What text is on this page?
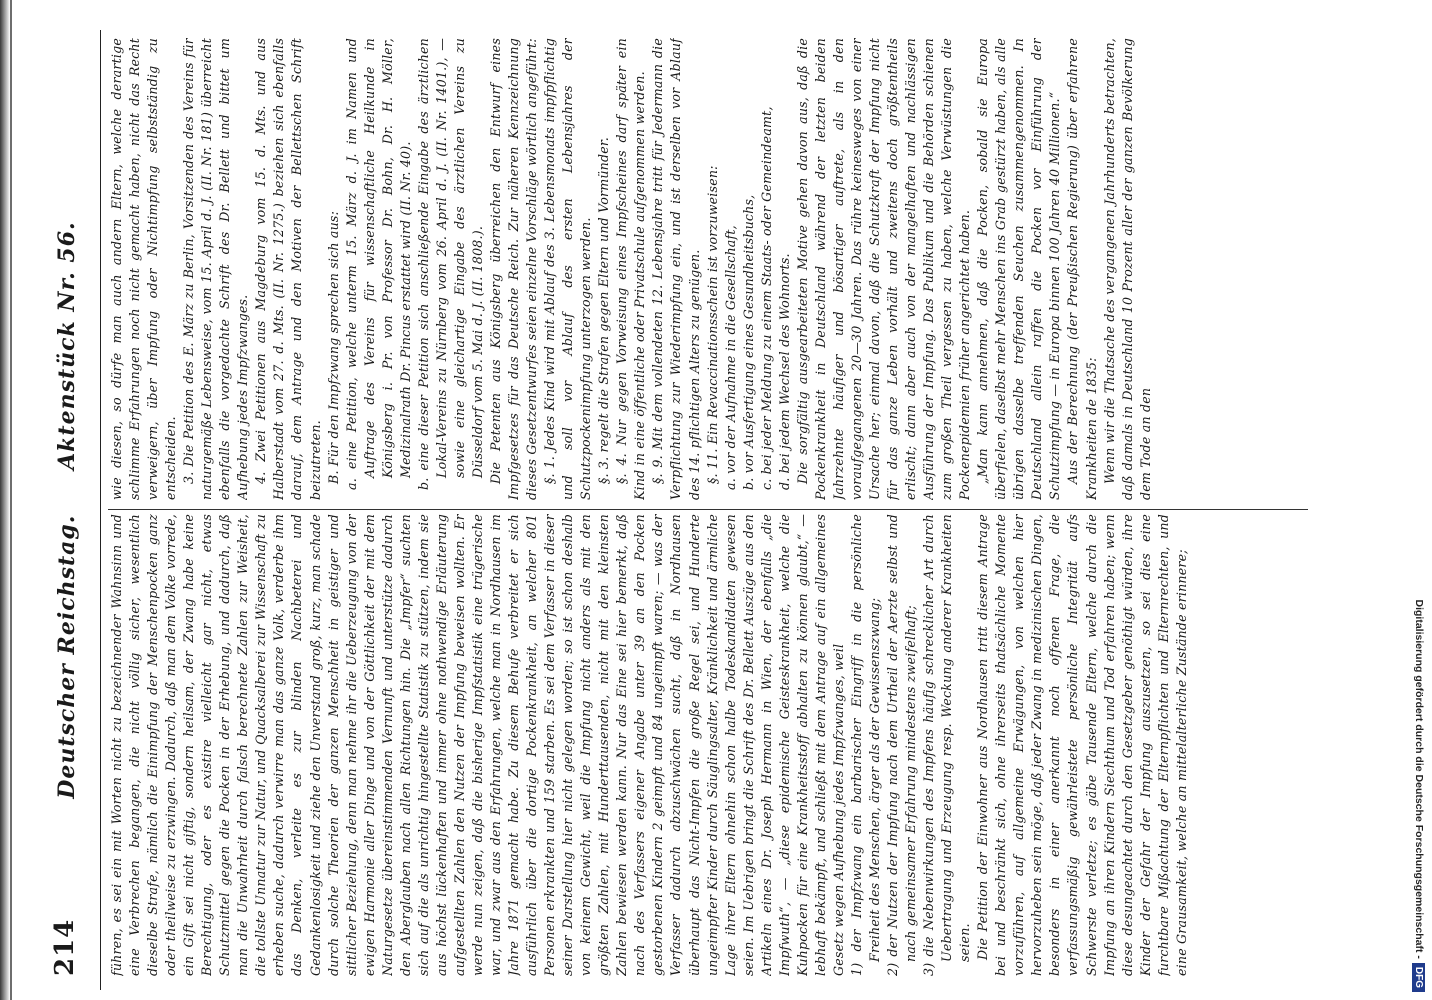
214
Deutscher Reichstag. Aktenstück Nr. 56.

führen, es sei ein mit Worten nicht zu bezeichnender Wahnsinn und eine Verbrechen begangen, die nicht völlig sicher, wesentlich dieselbe Strafe, nämlich die Einimpfung der Menschenpocken ganz oder theilweise zu erzwingen. Dadurch, daß man dem Volke vorrede, ein Gift sei nicht giftig, sondern heilsam, der Zwang habe keine Berechtigung, oder es existire vielleicht gar nicht, etwas Schutzmittel gegen die Pocken in der Erhebung, und dadurch, daß man die Unwahrheit durch falsch berechnete Zahlen zur Weisheit, die tollste Unnatur zur Natur, und Quacksalberei zur Wissenschaft zu erheben suche, dadurch verwirre man das ganze Volk, verderbe ihm das Denken, verleite es zur blinden Nachbeterei und Gedankenlosigkeit und ziehe den Unverstand groß, kurz, man schade durch solche Theorien der ganzen Menschheit in geistiger und sittlicher Beziehung, denn man nehme ihr die Ueberzeugung von der ewigen Harmonie aller Dinge und von der Göttlichkeit der mit dem Naturgesetze übereinstimmenden Vernunft und unterstütze dadurch den Aberglauben nach allen Richtungen hin. Die „Impfer“ suchten sich auf die als unrichtig hingestellte Statistik zu stützen, indem sie aus höchst lückenhaften und immer ohne nothwendige Erläuterung aufgestellten Zahlen den Nutzen der Impfung beweisen wollten. Er werde nun zeigen, daß die bisherige Impfstatistik eine trügerische war, und zwar aus den Erfahrungen, welche man in Nordhausen im Jahre 1871 gemacht habe. Zu diesem Behufe verbreitet er sich ausführlich über die dortige Pockenkrankheit, an welcher 801 Personen erkrankten und 159 starben. Es sei dem Verfasser in dieser seiner Darstellung hier nicht gelegen worden; so ist schon deshalb von keinem Gewicht, weil die Impfung nicht anders als mit den größten Zahlen, mit Hunderttausenden, nicht mit den kleinsten Zahlen bewiesen werden kann. Nur das Eine sei hier bemerkt, daß nach des Verfassers eigener Angabe unter 39 an den Pocken gestorbenen Kindern 2 geimpft und 84 ungeimpft waren; — was der Verfasser dadurch abzuschwächen sucht, daß in Nordhausen überhaupt das Nicht-Impfen die große Regel sei, und Hunderte ungeimpfter Kinder durch Säuglingsalter, Kränklichkeit und ärmliche Lage ihrer Eltern ohnehin schon halbe Todeskandidaten gewesen seien. Im Uebrigen bringt die Schrift des Dr. Bellett Auszüge aus den Artikeln eines Dr. Joseph Hermann in Wien, der ebenfalls „die Impfwuth“, — „diese epidemische Geisteskrankheit, welche die Kuhpocken für eine Krankheitsstoff abhalten zu können glaubt,“ — lebhaft bekämpft, und schließt mit dem Antrage auf ein allgemeines Gesetz wegen Aufhebung jedes Impfzwanges, weil 1) der Impfzwang ein barbarischer Eingriff in die persönliche Freiheit des Menschen, ärger als der Gewissenszwang; 2) der Nutzen der Impfung nach dem Urtheil der Aerzte selbst und nach gemeinsamer Erfahrung mindestens zweifelhaft; 3) die Nebenwirkungen des Impfens häufig schrecklicher Art durch Uebertragung und Erzeugung resp. Weckung anderer Krankheiten seien. Die Petition der Einwohner aus Nordhausen tritt diesem Antrage bei und beschränkt sich, ohne ihrerseits thatsächliche Momente vorzuführen, auf allgemeine Erwägungen, von welchen hier hervorzuheben sein möge, daß jeder Zwang in medizinischen Dingen, besonders in einer anerkannt noch offenen Frage, die verfassungsmäßig gewährleistete persönliche Integrität aufs Schwerste verletze; es gäbe Tausende Eltern, welche durch die Impfung an ihren Kindern Siechthum und Tod erfahren haben; wenn diese desungeachtet durch den Gesetzgeber genöthigt würden, ihre Kinder der Gefahr der Impfung auszusetzen, so sei dies eine furchtbare Mißachtung der Elternpflichten und Elternrechten, und eine Grausamkeit, welche an mittelalterliche Zustände erinnere;

wie diesen, so dürfe man auch andern Eltern, welche derartige schlimme Erfahrungen noch nicht gemacht haben, nicht das Recht verweigern, über Impfung oder Nichtimpfung selbstständig zu entscheiden. 3. Die Petition des E. März zu Berlin, Vorsitzenden des Vereins für naturgemäße Lebensweise, vom 15. April d. J. (II. Nr. 181) überreicht ebenfalls die vorgedachte Schrift des Dr. Bellett und bittet um Aufhebung jedes Impfzwanges. 4. Zwei Petitionen aus Magdeburg vom 15. d. Mts. und aus Halberstadt vom 27. d. Mts. (II. Nr. 1275.) beziehen sich ebenfalls darauf, dem Antrage und den Motiven der Bellettschen Schrift beizutreten. B. Für den Impfzwang sprechen sich aus: a. eine Petition, welche unterm 15. März d. J. im Namen und Auftrage des Vereins für wissenschaftliche Heilkunde in Königsberg i. Pr. von Professor Dr. Bohn, Dr. H. Möller, Medizinalrath Dr. Pincus erstattet wird (II. Nr. 40). b. eine dieser Petition sich anschließende Eingabe des ärztlichen Lokal-Vereins zu Nürnberg vom 26. April d. J. (II. Nr. 1401.), — sowie eine gleichartige Eingabe des ärztlichen Vereins zu Düsseldorf vom 5. Mai d. J. (II. 1808.). Die Petenten aus Königsberg überreichen den Entwurf eines Impfgesetzes für das Deutsche Reich. Zur näheren Kennzeichnung dieses Gesetzentwurfes seien einzelne Vorschläge wörtlich angeführt: §. 1. Jedes Kind wird mit Ablauf des 3. Lebensmonats impfpflichtig und soll vor Ablauf des ersten Lebensjahres der Schutzpockenimpfung unterzogen werden. §. 3. regelt die Strafen gegen Eltern und Vormünder. §. 4. Nur gegen Vorweisung eines Impfscheines darf später ein Kind in eine öffentliche oder Privatschule aufgenommen werden. §. 9. Mit dem vollendeten 12. Lebensjahre tritt für Jedermann die Verpflichtung zur Wiederimpfung ein, und ist derselben vor Ablauf des 14. pflichtigen Alters zu genügen. §. 11. Ein Revaccinationsschein ist vorzuweisen: a. vor der Aufnahme in die Gesellschaft, b. vor Ausfertigung eines Gesundheitsbuchs, c. bei jeder Meldung zu einem Staats- oder Gemeindeamt, d. bei jedem Wechsel des Wohnorts. Die sorgfältig ausgearbeiteten Motive gehen davon aus, daß die Pockenkrankheit in Deutschland während der letzten beiden Jahrzehnte häufiger und bösartiger auftrete, als in den voraufgegangenen 20—30 Jahren. Das rühre keinesweges von einer Ursache her; einmal davon, daß die Schutzkraft der Impfung nicht für das ganze Leben vorhält und zweitens doch größtentheils erlischt; dann aber auch von der mangelhaften und nachlässigen Ausführung der Impfung. Das Publikum und die Behörden schienen zum großen Theil vergessen zu haben, welche Verwüstungen die Pockenepidemien früher angerichtet haben. „Man kann annehmen, daß die Pocken, sobald sie Europa überfielen, daselbst mehr Menschen ins Grab gestürzt haben, als alle übrigen dasselbe treffenden Seuchen zusammengenommen. In Deutschland allein raffen die Pocken vor Einführung der Schutzimpfung — in Europa binnen 100 Jahren 40 Millionen.“ Aus der Berechnung (der Preußischen Regierung) über erfahrene Krankheiten de 1835: Wenn wir die Thatsache des vergangenen Jahrhunderts betrachten, daß damals in Deutschland 10 Prozent aller der ganzen Bevölkerung dem Tode an den

Digitalisierung gefördert durch die Deutsche Forschungsgemeinschaft -
DFG
